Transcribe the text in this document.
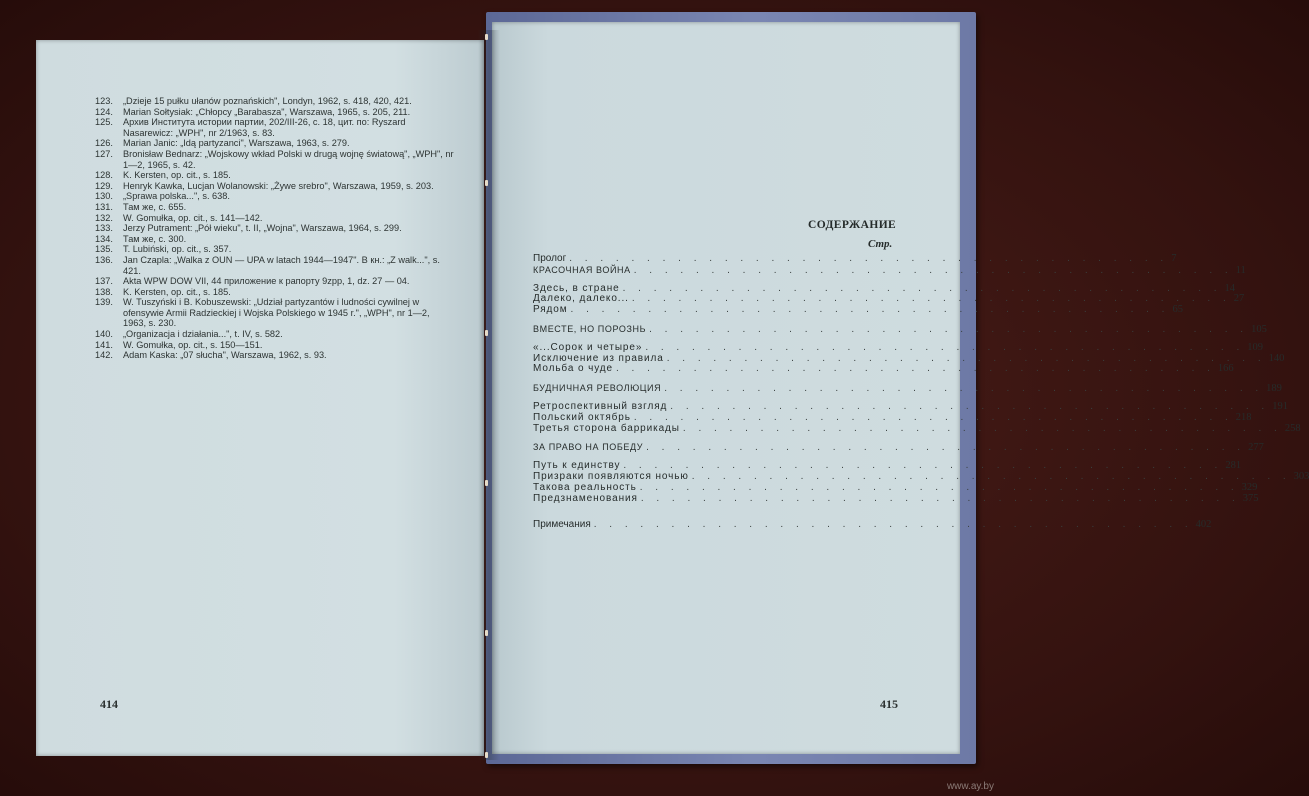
123.	„Dzieje 15 pułku ułanów poznańskich", Londyn, 1962, s. 418, 420, 421.
124.	Marian Sołtysiak: „Chłopcy „Barabasza", Warszawa, 1965, s. 205, 211.
125.	Архив Института истории партии, 202/III-26, с. 18, цит. по: Ryszard Nasarewicz: „WPH", nr 2/1963, s. 83.
126.	Marian Janic: „Idą partyzanci", Warszawa, 1963, s. 279.
127.	Bronisław Bednarz: „Wojskowy wkład Polski w drugą wojnę światową", „WPH", nr 1—2, 1965, s. 42.
128.	K. Kersten, op. cit., s. 185.
129.	Henryk Kawka, Lucjan Wolanowski: „Żywe srebro", Warszawa, 1959, s. 203.
130.	„Sprawa polska...", s. 638.
131.	Там же, с. 655.
132.	W. Gomułka, op. cit., s. 141—142.
133.	Jerzy Putrament: „Pół wieku", t. II, „Wojna", Warszawa, 1964, s. 299.
134.	Там же, с. 300.
135.	T. Lubiński, op. cit., s. 357.
136.	Jan Czapla: „Walka z OUN — UPA w latach 1944—1947". В кн.: „Z walk...", s. 421.
137.	Akta WPW DOW VII, 44 приложение к рапорту 9zpp, 1, dz. 27 — 04.
138.	K. Kersten, op. cit., s. 185.
139.	W. Tuszyński i B. Kobuszewski: „Udział partyzantów i ludności cywilnej w ofensywie Armii Radzieckiej i Wojska Polskiego w 1945 r.", „WPH", nr 1—2, 1963, s. 230.
140.	„Organizacja i działania...", t. IV, s. 582.
141.	W. Gomułka, op. cit., s. 150—151.
142.	Adam Kaska: „07 słucha", Warszawa, 1962, s. 93.
414
СОДЕРЖАНИЕ
Стр.
Пролог . . . . . . . . . . . . . . . . . . . . . . . . . . . . . . . . . . . . . . . 7
КРАСОЧНАЯ ВОЙНА . . . . . . . . . . . . . . . . . . . . . . . . . . . . . . . . . . . . . . . 11
Здесь, в стране . . . . . . . . . . . . . . . . . . . . . . . . . . . . . . . . . . . . . . . 14
Далеко, далеко... . . . . . . . . . . . . . . . . . . . . . . . . . . . . . . . . . . . . . . . 27
Рядом . . . . . . . . . . . . . . . . . . . . . . . . . . . . . . . . . . . . . . . 65
ВМЕСТЕ, НО ПОРОЗНЬ . . . . . . . . . . . . . . . . . . . . . . . . . . . . . . . . . . . . . . . 105
«...Сорок и четыре» . . . . . . . . . . . . . . . . . . . . . . . . . . . . . . . . . . . . . . . 109
Исключение из правила . . . . . . . . . . . . . . . . . . . . . . . . . . . . . . . . . . . . . . . 140
Мольба о чуде . . . . . . . . . . . . . . . . . . . . . . . . . . . . . . . . . . . . . . . 166
БУДНИЧНАЯ РЕВОЛЮЦИЯ . . . . . . . . . . . . . . . . . . . . . . . . . . . . . . . . . . . . . . . 189
Ретроспективный взгляд . . . . . . . . . . . . . . . . . . . . . . . . . . . . . . . . . . . . . . . 191
Польский октябрь . . . . . . . . . . . . . . . . . . . . . . . . . . . . . . . . . . . . . . . 218
Третья сторона баррикады . . . . . . . . . . . . . . . . . . . . . . . . . . . . . . . . . . . . . . . 258
ЗА ПРАВО НА ПОБЕДУ . . . . . . . . . . . . . . . . . . . . . . . . . . . . . . . . . . . . . . . 277
Путь к единству . . . . . . . . . . . . . . . . . . . . . . . . . . . . . . . . . . . . . . . 281
Призраки появляются ночью . . . . . . . . . . . . . . . . . . . . . . . . . . . . . . . . . . . . . . . 303
Такова реальность . . . . . . . . . . . . . . . . . . . . . . . . . . . . . . . . . . . . . . . 329
Предзнаменования . . . . . . . . . . . . . . . . . . . . . . . . . . . . . . . . . . . . . . . 375
Примечания . . . . . . . . . . . . . . . . . . . . . . . . . . . . . . . . . . . . . . . 402
415
www.ay.by
